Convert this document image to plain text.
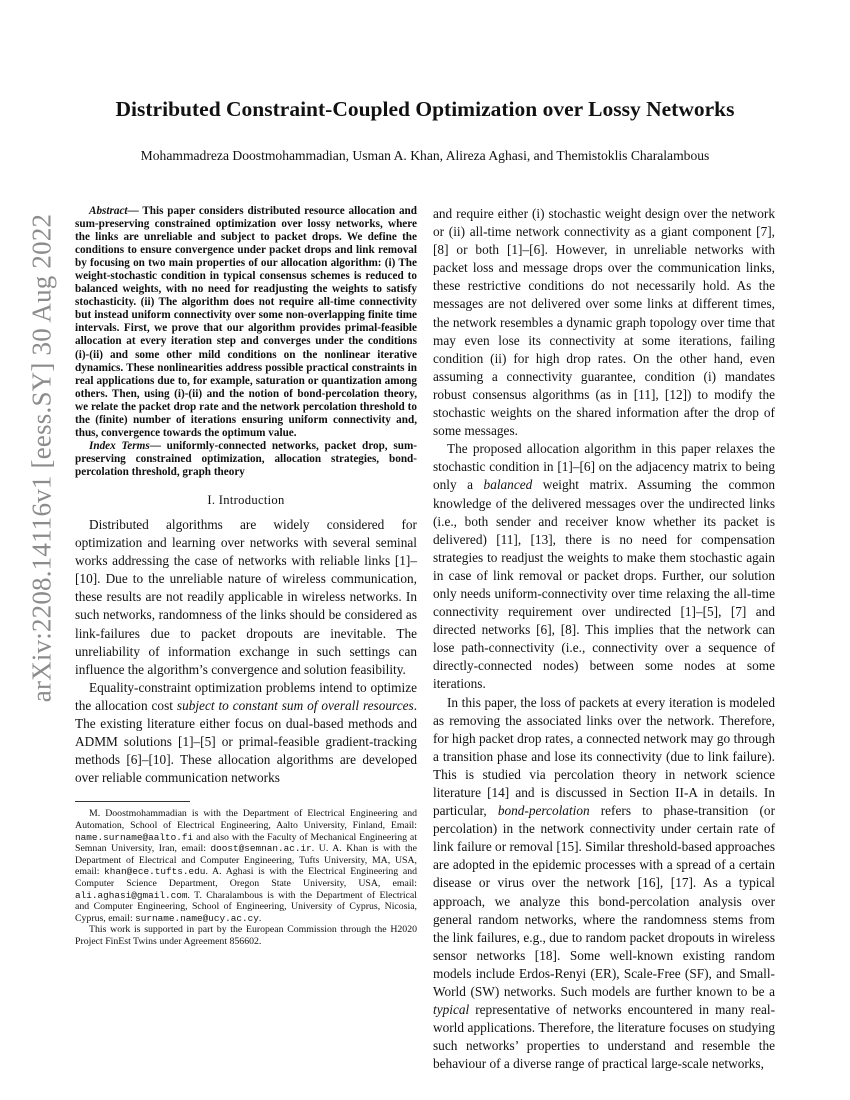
arXiv:2208.14116v1 [eess.SY] 30 Aug 2022
Distributed Constraint-Coupled Optimization over Lossy Networks

Mohammadreza Doostmohammadian, Usman A. Khan, Alireza Aghasi, and Themistoklis Charalambous

Abstract— This paper considers distributed resource allocation and sum-preserving constrained optimization over lossy networks, where the links are unreliable and subject to packet drops. We define the conditions to ensure convergence under packet drops and link removal by focusing on two main properties of our allocation algorithm: (i) The weight-stochastic condition in typical consensus schemes is reduced to balanced weights, with no need for readjusting the weights to satisfy stochasticity. (ii) The algorithm does not require all-time connectivity but instead uniform connectivity over some non-overlapping finite time intervals. First, we prove that our algorithm provides primal-feasible allocation at every iteration step and converges under the conditions (i)-(ii) and some other mild conditions on the nonlinear iterative dynamics. These nonlinearities address possible practical constraints in real applications due to, for example, saturation or quantization among others. Then, using (i)-(ii) and the notion of bond-percolation theory, we relate the packet drop rate and the network percolation threshold to the (finite) number of iterations ensuring uniform connectivity and, thus, convergence towards the optimum value.

Index Terms— uniformly-connected networks, packet drop, sum-preserving constrained optimization, allocation strategies, bond-percolation threshold, graph theory

I. Introduction

Distributed algorithms are widely considered for optimization and learning over networks with several seminal works addressing the case of networks with reliable links [1]–[10]. Due to the unreliable nature of wireless communication, these results are not readily applicable in wireless networks. In such networks, randomness of the links should be considered as link-failures due to packet dropouts are inevitable. The unreliability of information exchange in such settings can influence the algorithm’s convergence and solution feasibility.

Equality-constraint optimization problems intend to optimize the allocation cost subject to constant sum of overall resources. The existing literature either focus on dual-based methods and ADMM solutions [1]–[5] or primal-feasible gradient-tracking methods [6]–[10]. These allocation algorithms are developed over reliable communication networks

M. Doostmohammadian is with the Department of Electrical Engineering and Automation, School of Electrical Engineering, Aalto University, Finland, Email: name.surname@aalto.fi and also with the Faculty of Mechanical Engineering at Semnan University, Iran, email: doost@semnan.ac.ir. U. A. Khan is with the Department of Electrical and Computer Engineering, Tufts University, MA, USA, email: khan@ece.tufts.edu. A. Aghasi is with the Electrical Engineering and Computer Science Department, Oregon State University, USA, email: ali.aghasi@gmail.com. T. Charalambous is with the Department of Electrical and Computer Engineering, School of Engineering, University of Cyprus, Nicosia, Cyprus, email: surname.name@ucy.ac.cy.

This work is supported in part by the European Commission through the H2020 Project FinEst Twins under Agreement 856602.

and require either (i) stochastic weight design over the network or (ii) all-time network connectivity as a giant component [7], [8] or both [1]–[6]. However, in unreliable networks with packet loss and message drops over the communication links, these restrictive conditions do not necessarily hold. As the messages are not delivered over some links at different times, the network resembles a dynamic graph topology over time that may even lose its connectivity at some iterations, failing condition (ii) for high drop rates. On the other hand, even assuming a connectivity guarantee, condition (i) mandates robust consensus algorithms (as in [11], [12]) to modify the stochastic weights on the shared information after the drop of some messages.

The proposed allocation algorithm in this paper relaxes the stochastic condition in [1]–[6] on the adjacency matrix to being only a balanced weight matrix. Assuming the common knowledge of the delivered messages over the undirected links (i.e., both sender and receiver know whether its packet is delivered) [11], [13], there is no need for compensation strategies to readjust the weights to make them stochastic again in case of link removal or packet drops. Further, our solution only needs uniform-connectivity over time relaxing the all-time connectivity requirement over undirected [1]–[5], [7] and directed networks [6], [8]. This implies that the network can lose path-connectivity (i.e., connectivity over a sequence of directly-connected nodes) between some nodes at some iterations.

In this paper, the loss of packets at every iteration is modeled as removing the associated links over the network. Therefore, for high packet drop rates, a connected network may go through a transition phase and lose its connectivity (due to link failure). This is studied via percolation theory in network science literature [14] and is discussed in Section II-A in details. In particular, bond-percolation refers to phase-transition (or percolation) in the network connectivity under certain rate of link failure or removal [15]. Similar threshold-based approaches are adopted in the epidemic processes with a spread of a certain disease or virus over the network [16], [17]. As a typical approach, we analyze this bond-percolation analysis over general random networks, where the randomness stems from the link failures, e.g., due to random packet dropouts in wireless sensor networks [18]. Some well-known existing random models include Erdos-Renyi (ER), Scale-Free (SF), and Small-World (SW) networks. Such models are further known to be a typical representative of networks encountered in many real-world applications. Therefore, the literature focuses on studying such networks’ properties to understand and resemble the behaviour of a diverse range of practical large-scale networks,
